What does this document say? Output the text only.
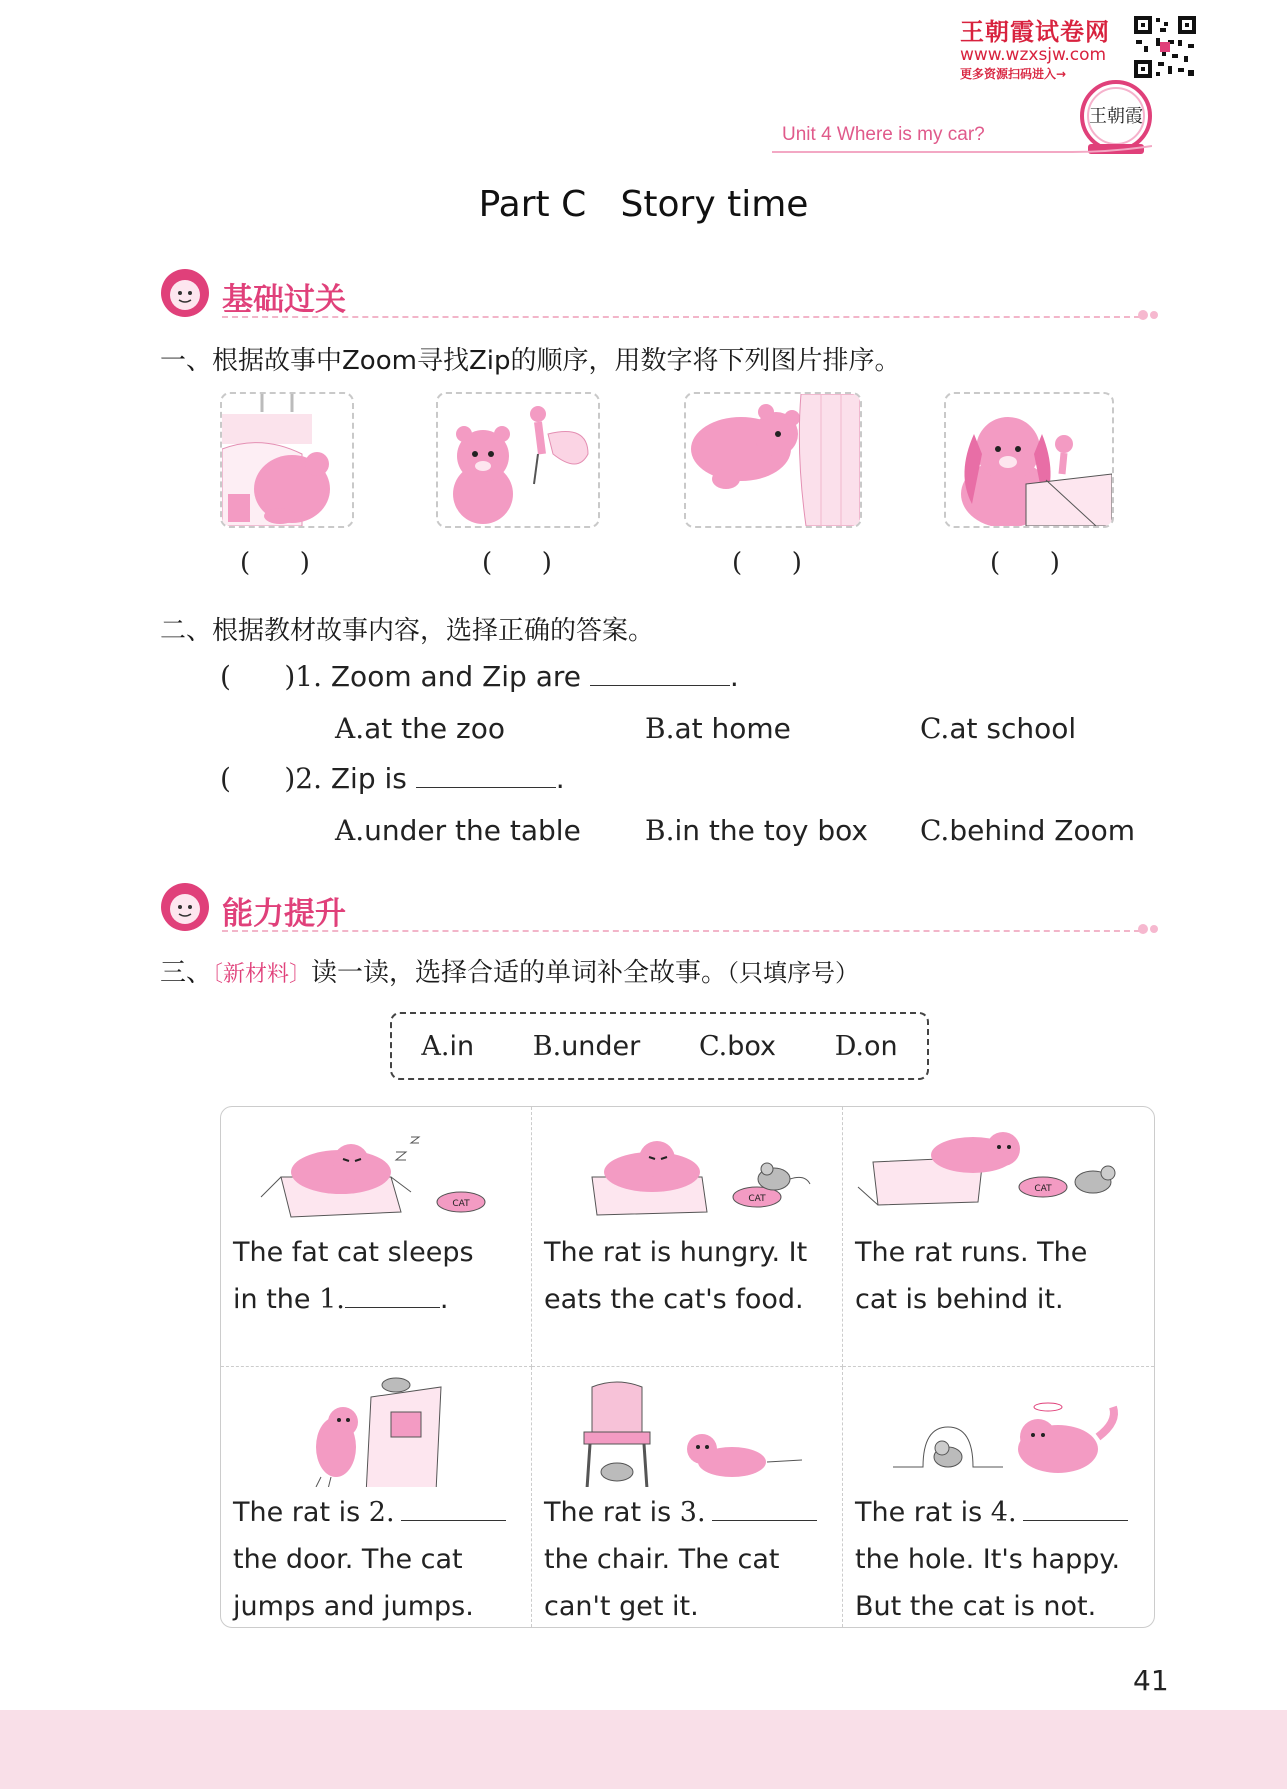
王朝霞试卷网
www.wzxsjw.com
更多资源扫码进入→
王朝霞
Unit 4 Where is my car?
Part C   Story time
基础过关
一、根据故事中Zoom寻找Zip的顺序，用数字将下列图片排序。
(      )	(      )	(      )	(      )
二、根据教材故事内容，选择正确的答案。
(      )1. Zoom and Zip are	.
A.at the zoo	B.at home	C.at school
(      )2. Zip is	.
A.under the table B.in the toy box C.behind Zoom
能力提升
三、〔新材料〕读一读，选择合适的单词补全故事。（只填序号）
A.in B.under C.box D.on
CAT
The fat cat sleeps
in the 1.	.
CAT
The rat is hungry. It
eats the cat's food.
CAT
The rat runs. The
cat is behind it.
The rat is 2.
the door. The cat
jumps and jumps.
The rat is 3.
the chair. The cat
can't get it.
The rat is 4.
the hole. It's happy.
But the cat is not.
41
